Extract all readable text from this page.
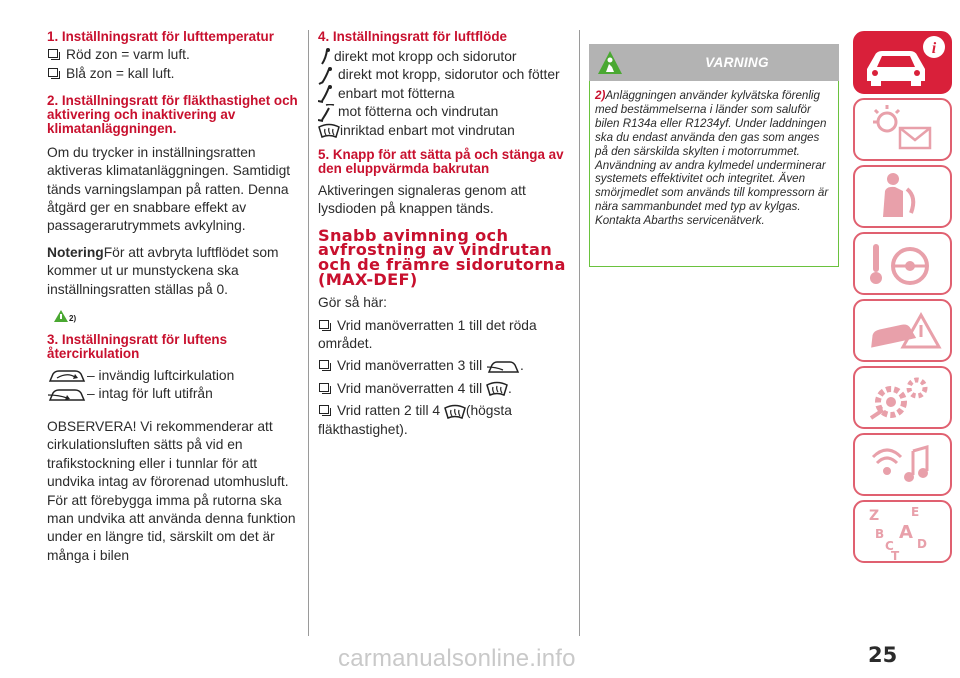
1. Inställningsratt för lufttemperatur
Röd zon = varm luft.
Blå zon = kall luft.
2. Inställningsratt för fläkthastighet och aktivering och inaktivering av klimatanläggningen.
Om du trycker in inställningsratten aktiveras klimatanläggningen. Samtidigt tänds varningslampan på ratten. Denna åtgärd ger en snabbare effekt av passagerarutrymmets avkylning.
NoteringFör att avbryta luftflödet som kommer ut ur munstyckena ska inställningsratten ställas på 0.
2)
3. Inställningsratt för luftens återcirkulation
– invändig luftcirkulation
– intag för luft utifrån
OBSERVERA! Vi rekommenderar att cirkulationsluften sätts på vid en trafikstockning eller i tunnlar för att undvika intag av förorenad utomhusluft. För att förebygga imma på rutorna ska man undvika att använda denna funktion under en längre tid, särskilt om det är många i bilen
4. Inställningsratt för luftflöde
direkt mot kropp och sidorutor
direkt mot kropp, sidorutor och fötter
enbart mot fötterna
mot fötterna och vindrutan
inriktad enbart mot vindrutan
5. Knapp för att sätta på och stänga av den eluppvärmda bakrutan
Aktiveringen signaleras genom att lysdioden på knappen tänds.
Snabb avimning och avfrostning av vindrutan och de främre sidorutorna (MAX-DEF)
Gör så här:
Vrid manöverratten 1 till det röda området.
Vrid manöverratten 3 till	.
Vrid manöverratten 4 till .
Vrid ratten 2 till 4 (högsta fläkthastighet).
VARNING
2)Anläggningen använder kylvätska förenlig med bestämmelserna i länder som saluför bilen R134a eller R1234yf. Under laddningen ska du endast använda den gas som anges på den särskilda skylten i motorrummet. Användning av andra kylmedel underminerar systemets effektivitet och integritet. Även smörjmedlet som används till kompressorn är nära sammanbundet med typ av kylgas. Kontakta Abarths servicenätverk.
i
Z	E
B A
C D
T
25
carmanualsonline.info
